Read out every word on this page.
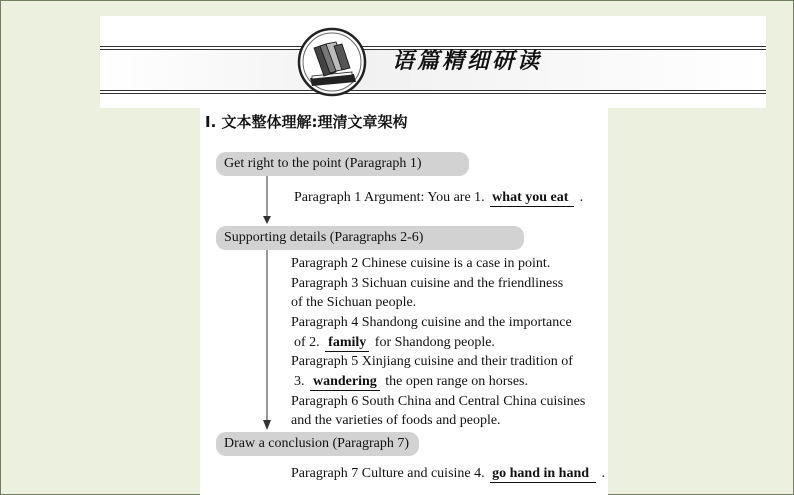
语篇精细研读
Ⅰ. 文本整体理解:理清文章架构
Get right to the point (Paragraph 1)
Paragraph 1 Argument: You are 1. what you eat .
Supporting details (Paragraphs 2-6)
Paragraph 2 Chinese cuisine is a case in point.
Paragraph 3 Sichuan cuisine and the friendliness
of the Sichuan people.
Paragraph 4 Shandong cuisine and the importance
of 2. family for Shandong people.
Paragraph 5 Xinjiang cuisine and their tradition of
3. wandering the open range on horses.
Paragraph 6 South China and Central China cuisines
and the varieties of foods and people.
Draw a conclusion (Paragraph 7)
Paragraph 7 Culture and cuisine 4. go hand in hand .
